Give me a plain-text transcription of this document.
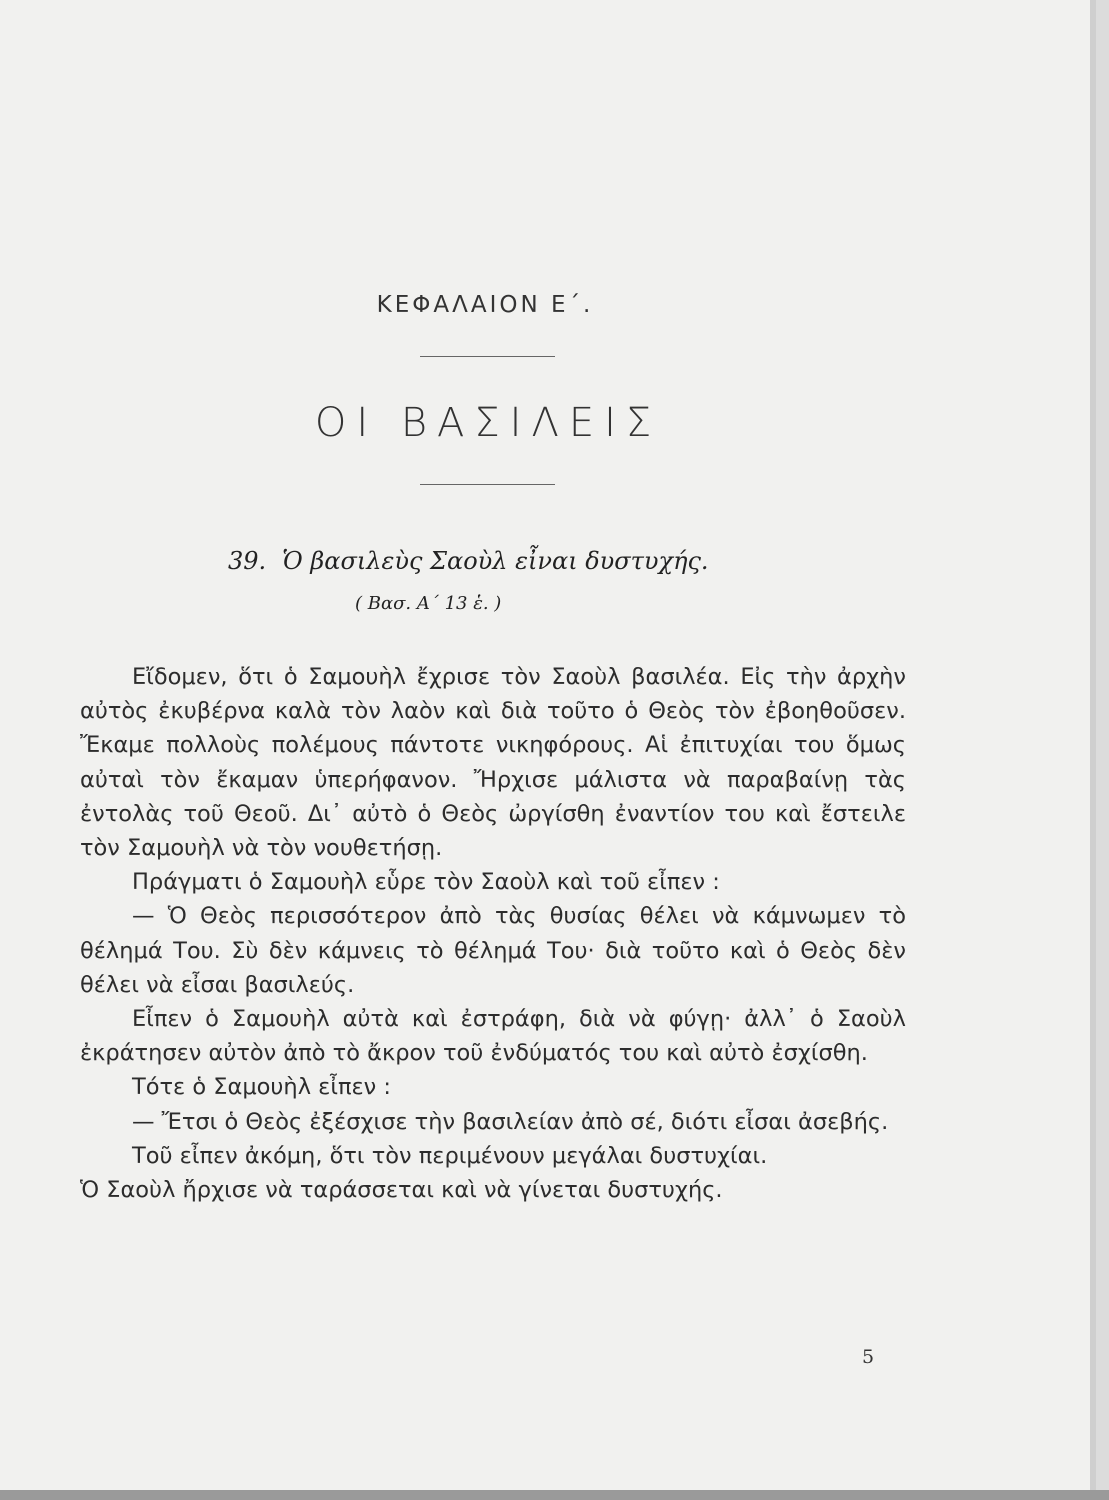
ΚΕΦΑΛΑΙΟΝ Ε΄.
ΟΙ ΒΑΣΙΛΕΙΣ
39. Ὁ βασιλεὺς Σαοὺλ εἶναι δυστυχής.
( Βασ. Α΄ 13 ἑ. )

Εἴδομεν, ὅτι ὁ Σαμουὴλ ἔχρισε τὸν Σαοὺλ βασιλέα. Εἰς τὴν ἀρχὴν αὐτὸς ἐκυβέρνα καλὰ τὸν λαὸν καὶ διὰ τοῦτο ὁ Θεὸς τὸν ἐβοηθοῦσεν. Ἔκαμε πολλοὺς πολέμους πάντοτε νικηφόρους. Αἱ ἐπιτυχίαι του ὅμως αὐταὶ τὸν ἔκαμαν ὑπερήφανον. Ἤρχισε μάλιστα νὰ παραβαίνῃ τὰς ἐντολὰς τοῦ Θεοῦ. Δι᾽ αὐτὸ ὁ Θεὸς ὠργίσθη ἐναντίον του καὶ ἔστειλε τὸν Σαμουὴλ νὰ τὸν νουθετήσῃ.

Πράγματι ὁ Σαμουὴλ εὗρε τὸν Σαοὺλ καὶ τοῦ εἶπεν :

— Ὁ Θεὸς περισσότερον ἀπὸ τὰς θυσίας θέλει νὰ κάμνωμεν τὸ θέλημά Του. Σὺ δὲν κάμνεις τὸ θέλημά Του· διὰ τοῦτο καὶ ὁ Θεὸς δὲν θέλει νὰ εἶσαι βασιλεύς.

Εἶπεν ὁ Σαμουὴλ αὐτὰ καὶ ἐστράφη, διὰ νὰ φύγῃ· ἀλλ᾽ ὁ Σαοὺλ ἐκράτησεν αὐτὸν ἀπὸ τὸ ἄκρον τοῦ ἐνδύματός του καὶ αὐτὸ ἐσχίσθη.

Τότε ὁ Σαμουὴλ εἶπεν :

— Ἔτσι ὁ Θεὸς ἐξέσχισε τὴν βασιλείαν ἀπὸ σέ, διότι εἶσαι ἀσεβής.

Τοῦ εἶπεν ἀκόμη, ὅτι τὸν περιμένουν μεγάλαι δυστυχίαι.

Ὁ Σαοὺλ ἤρχισε νὰ ταράσσεται καὶ νὰ γίνεται δυστυχής.

5
